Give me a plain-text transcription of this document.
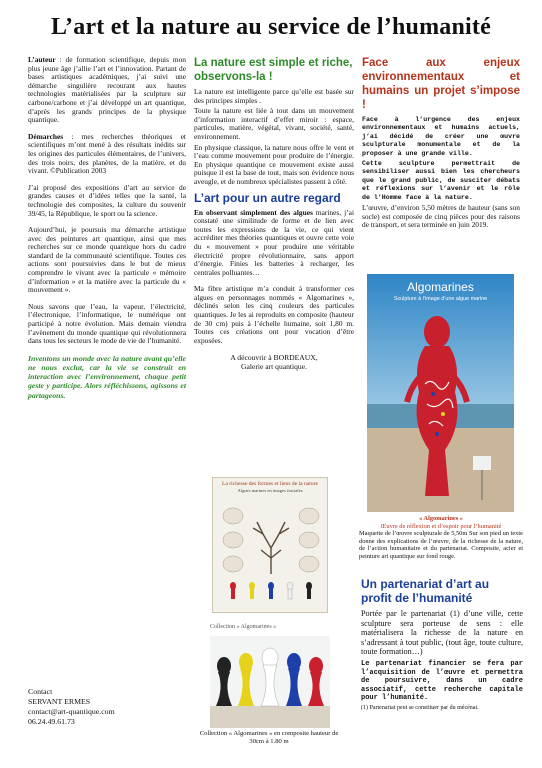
L’art et la nature au service de l’humanité
L’auteur : de formation scientifique, depuis mon plus jeune âge j’allie l’art et l’innovation. Partant de bases artistiques académiques, j’ai suivi une démarche singulière recourant aux hautes technologies matérialisées par la sculpture sur carbone/carbone et j’ai développé un art quantique, d’après les grands principes de la physique quantique.
Démarches : mes recherches théoriques et scientifiques m’ont mené à des résultats inédits sur les origines des particules élémentaires, de l’univers, des trois noirs, des planètes, de la matière, et du vivant. ©Publication 2003
J’ai proposé des expositions d’art au service de grandes causes et d’idées telles que la santé, la technologie des composites, la culture du souvenir 39/45, la République, le sport ou la science.
Aujourd’hui, je poursuis ma démarche artistique avec des peintures art quantique, ainsi que mes recherches sur ce monde quantique hors du cadre standard de la communauté scientifique. Toutes ces actions sont poursuivies dans le but de mieux comprendre le vivant avec la particule « mémoire d’information » et la matière avec la particule du « mouvement ».
Nous savons que l’eau, la vapeur, l’électricité, l’électronique, l’informatique, le numérique ont participé à notre évolution. Mais demain viendra l’avènement du monde quantique qui révolutionnera dans tous les secteurs le mode de vie de l’humanité.
Inventons un monde avec la nature avant qu’elle ne nous exclut, car la vie se construit en interaction avec l’environnement, chaque petit geste y participe. Alors réfléchissons, agissons et partageons.
Contact
SERVANT ERMES
contact@art-quantique.com
06.24.49.61.73
La nature est simple et riche, observons-la !
La nature est intelligente parce qu’elle est basée sur des principes simples .
Toute la nature est liée à tout dans un mouvement d’information interactif d’effet miroir : espace, particules, matière, végétal, vivant, société, santé, environnement.
En physique classique, la nature nous offre le vent et l’eau comme mouvement pour produire de l’énergie. En physique quantique ce mouvement existe aussi puisque il est la base de tout, mais son évidence nous aveugle, et de nombreux spécialistes passent à côté.
L’art pour un autre regard
En observant simplement des algues marines, j’ai constaté une similitude de forme et de lien avec toutes les expressions de la vie, ce qui vient accréditer mes théories quantiques et ouvre cette voie du « mouvement » pour produire une véritable électricité propre révolutionnaire, sans apport d’énergie. Finies les batteries à recharger, les centrales polluantes…
Ma fibre artistique m’a conduit à transformer ces algues en personnages nommés « Algomarines », déclinés selon les cinq couleurs des particules quantiques. Je les ai reproduits en composite (hauteur de 30 cm) puis à l’échelle humaine, soit 1,80 m. Toutes ces créations ont pour vocation d’être exposées.
A découvrir à BORDEAUX,
Galerie art quantique.
La richesse des formes et liens de la nature
Algues marines en images fractales
Collection « Algomarines »
Collection « Algomarines » en composite hauteur de 30cm à 1.80 m
Face aux enjeux environnementaux et humains un projet s’impose !
Face à l’urgence des enjeux environnementaux et humains actuels, j’ai décidé de créer une œuvre sculpturale monumentale et de la proposer à une grande ville.
Cette sculpture permettrait de sensibiliser aussi bien les chercheurs que le grand public, de susciter débats et réflexions sur l’avenir et le rôle de l’Homme face à la nature.
L’œuvre, d’environ 5,50 mètres de hauteur (sans son socle) est composée de cinq pièces pour des raisons de transport, et sera terminée en juin 2019.
Algomarines
Sculpture à l’image d’une algue marine
« Algomarines »
Œuvre de réflexion et d’espoir pour l’humanité
Maquette de l’œuvre sculpturale de 5,50m Sur son pied un texte donne des explications de l’œuvre, de la richesse de la nature, de l’action humanitaire et du partenariat. Composite, acier et peinture art quantique sur fond rouge.
Un partenariat d’art au profit de l’humanité
Portée par le partenariat (1) d’une ville, cette sculpture sera porteuse de sens : elle matérialisera la richesse de la nature en s’adressant à tout public, (tout âge, toute culture, toute formation…)
Le partenariat financier se fera par l’acquisition de l’œuvre et permettra de poursuivre, dans un cadre associatif, cette recherche capitale pour l’humanité.
(1) Partenariat peut se constituer par du mécénat.
